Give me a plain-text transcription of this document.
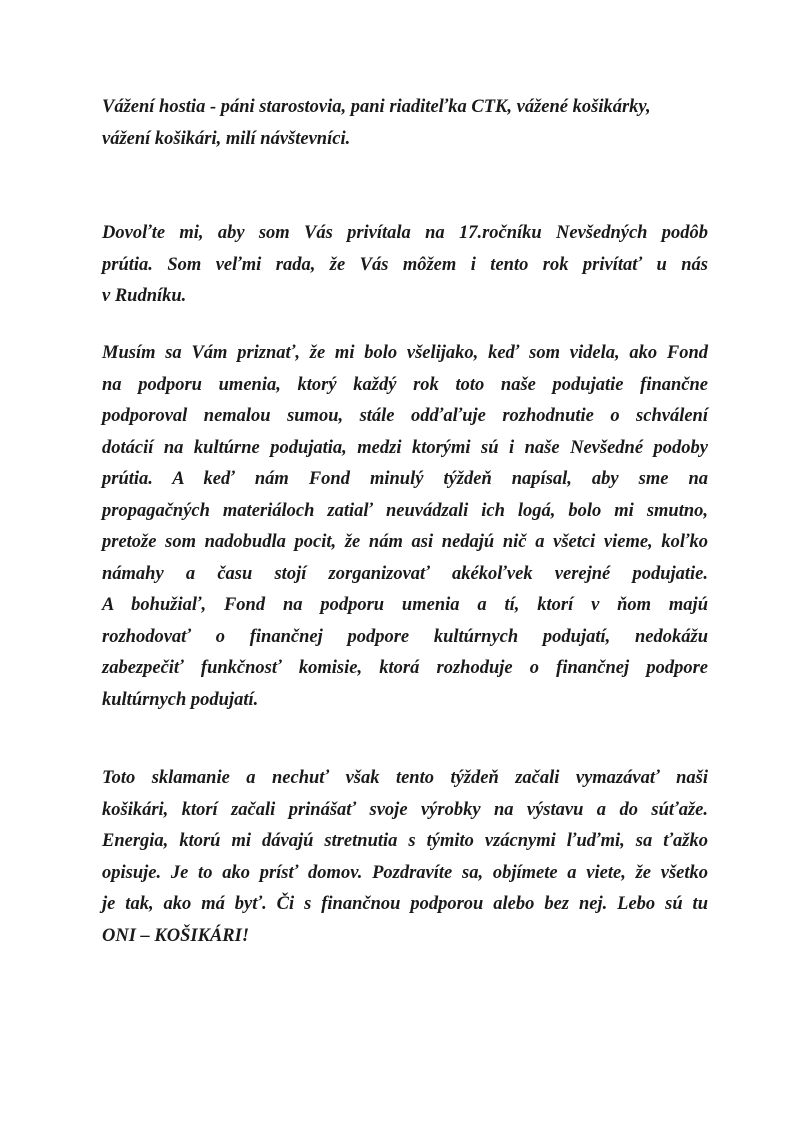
Vážení hostia - páni starostovia, pani riaditeľka CTK, vážené košikárky,
vážení košikári, milí návštevníci.
Dovoľte mi, aby som Vás privítala na 17.ročníku Nevšedných podôb
prútia. Som veľmi rada, že Vás môžem i tento rok privítať u nás
v Rudníku.
Musím sa Vám priznať, že mi bolo všelijako, keď som videla, ako Fond
na podporu umenia, ktorý každý rok toto naše podujatie finančne
podporoval nemalou sumou, stále odďaľuje rozhodnutie o schválení
dotácií na kultúrne podujatia, medzi ktorými sú i naše Nevšedné podoby
prútia. A keď nám Fond minulý týždeň napísal, aby sme na
propagačných materiáloch zatiaľ neuvádzali ich logá, bolo mi smutno,
pretože som nadobudla pocit, že nám asi nedajú nič a všetci vieme, koľko
námahy a času stojí zorganizovať akékoľvek verejné podujatie.
A bohužiaľ, Fond na podporu umenia a tí, ktorí v ňom majú
rozhodovať o finančnej podpore kultúrnych podujatí, nedokážu
zabezpečiť funkčnosť komisie, ktorá rozhoduje o finančnej podpore
kultúrnych podujatí.
Toto sklamanie a nechuť však tento týždeň začali vymazávať naši
košikári, ktorí začali prinášať svoje výrobky na výstavu a do súťaže.
Energia, ktorú mi dávajú stretnutia s týmito vzácnymi ľuďmi, sa ťažko
opisuje. Je to ako prísť domov. Pozdravíte sa, objímete a viete, že všetko
je tak, ako má byť. Či s finančnou podporou alebo bez nej. Lebo sú tu
ONI – KOŠIKÁRI!
